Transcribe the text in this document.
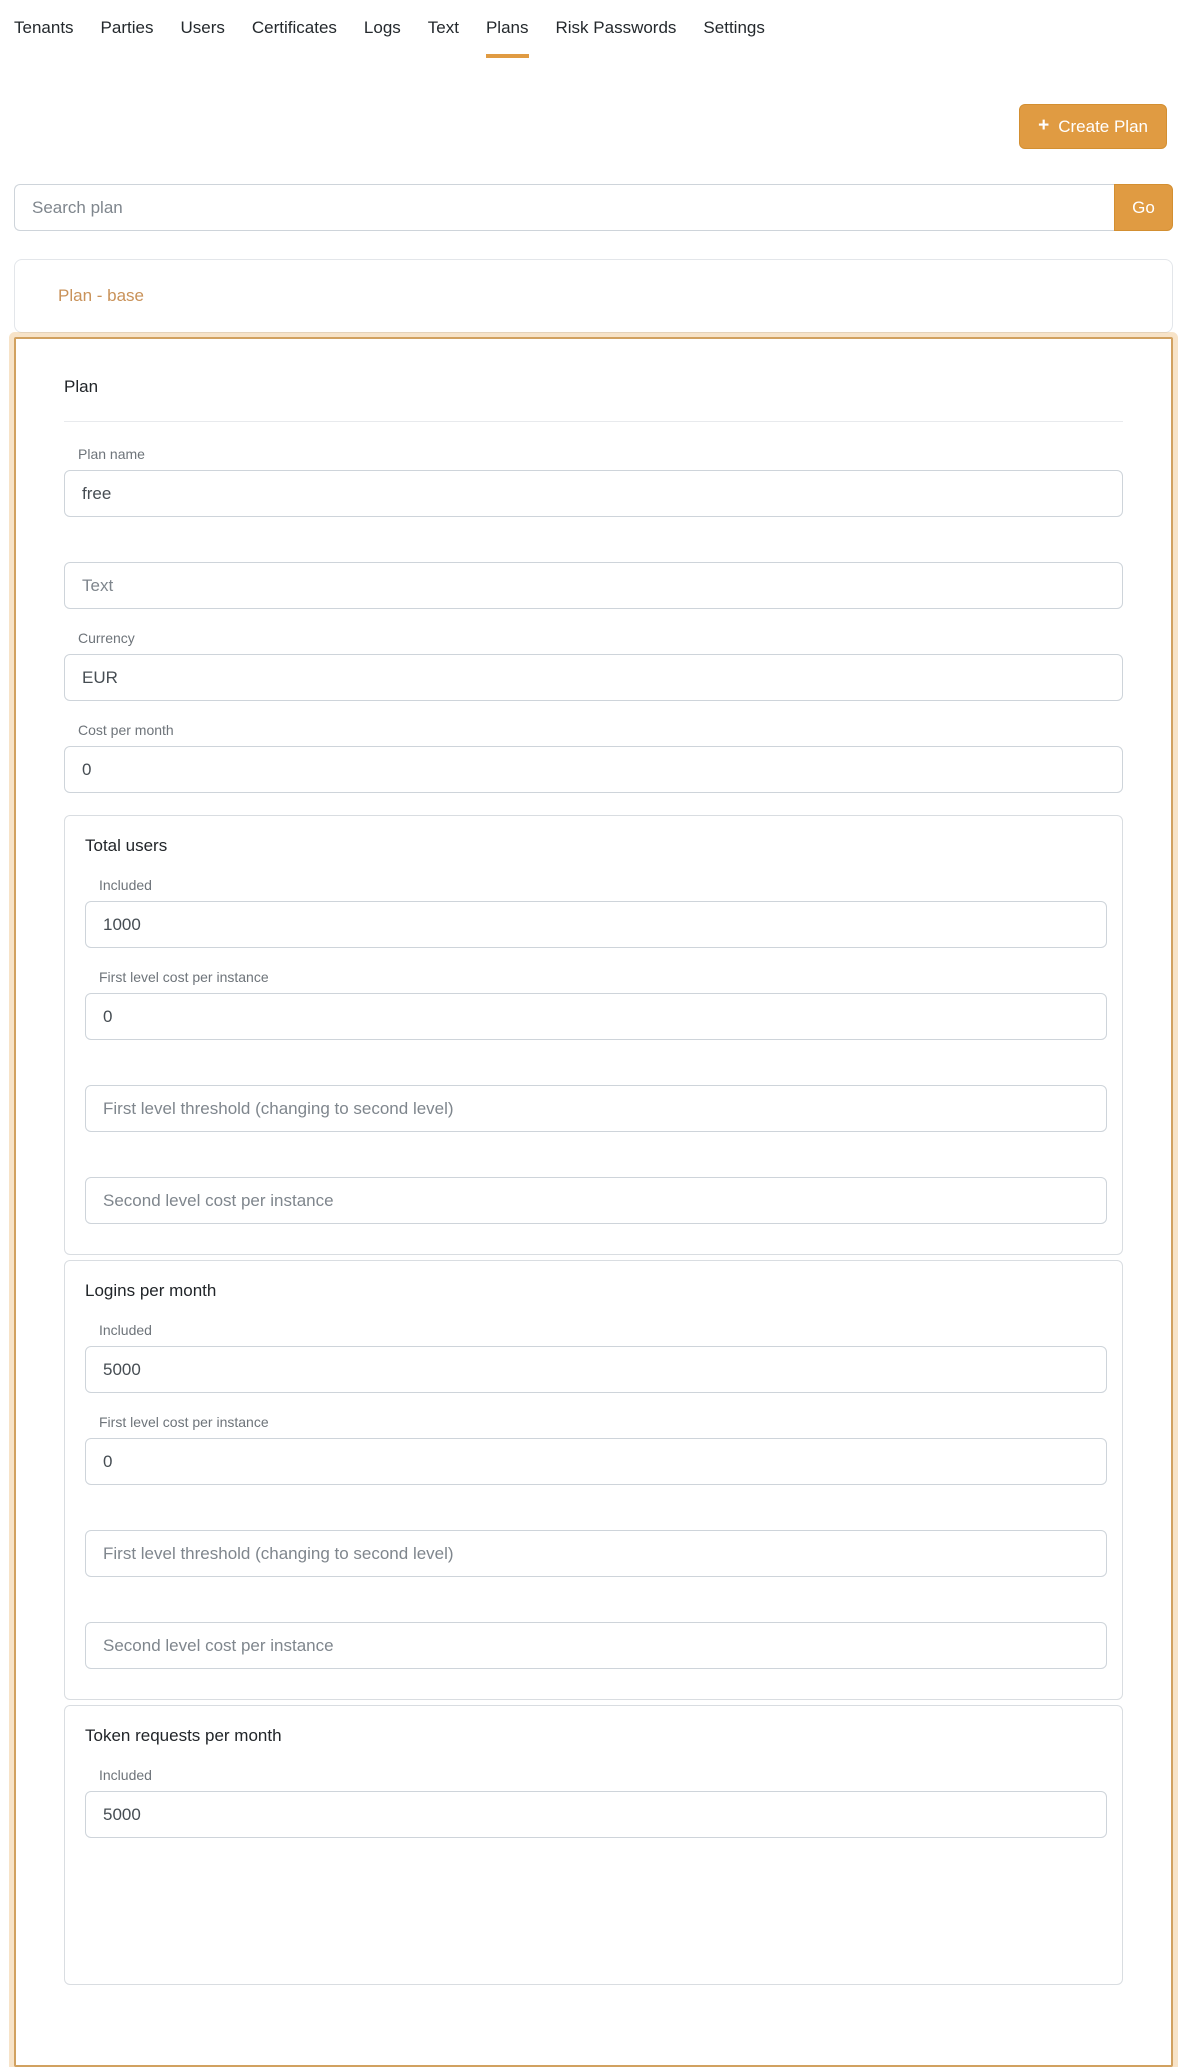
Tenants Parties Users Certificates Logs Text Plans Risk Passwords Settings
+ Create Plan
Search plan
Go
Plan - base
Plan
Plan name
free
Text
Currency
EUR
Cost per month
0
Total users
Included
1000
First level cost per instance
0
First level threshold (changing to second level)
Second level cost per instance
Logins per month
Included
5000
First level cost per instance
0
First level threshold (changing to second level)
Second level cost per instance
Token requests per month
Included
5000
